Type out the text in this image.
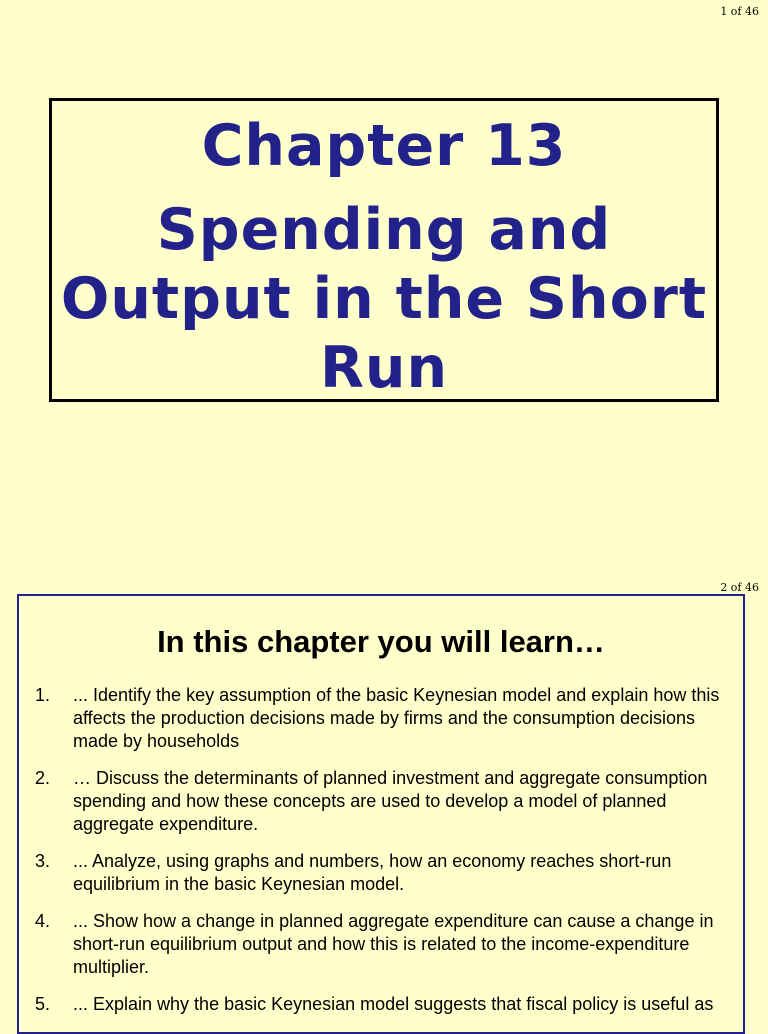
1 of 46
Chapter 13
Spending and
Output in the Short
Run
2 of 46
In this chapter you will learn…
1. ... Identify the key assumption of the basic Keynesian model and explain how this affects the production decisions made by firms and the consumption decisions made by households
2. … Discuss the determinants of planned investment and aggregate consumption spending and how these concepts are used to develop a model of planned aggregate expenditure.
3. ... Analyze, using graphs and numbers, how an economy reaches short-run equilibrium in the basic Keynesian model.
4. ... Show how a change in planned aggregate expenditure can cause a change in short-run equilibrium output and how this is related to the income-expenditure multiplier.
5. ... Explain why the basic Keynesian model suggests that fiscal policy is useful as
